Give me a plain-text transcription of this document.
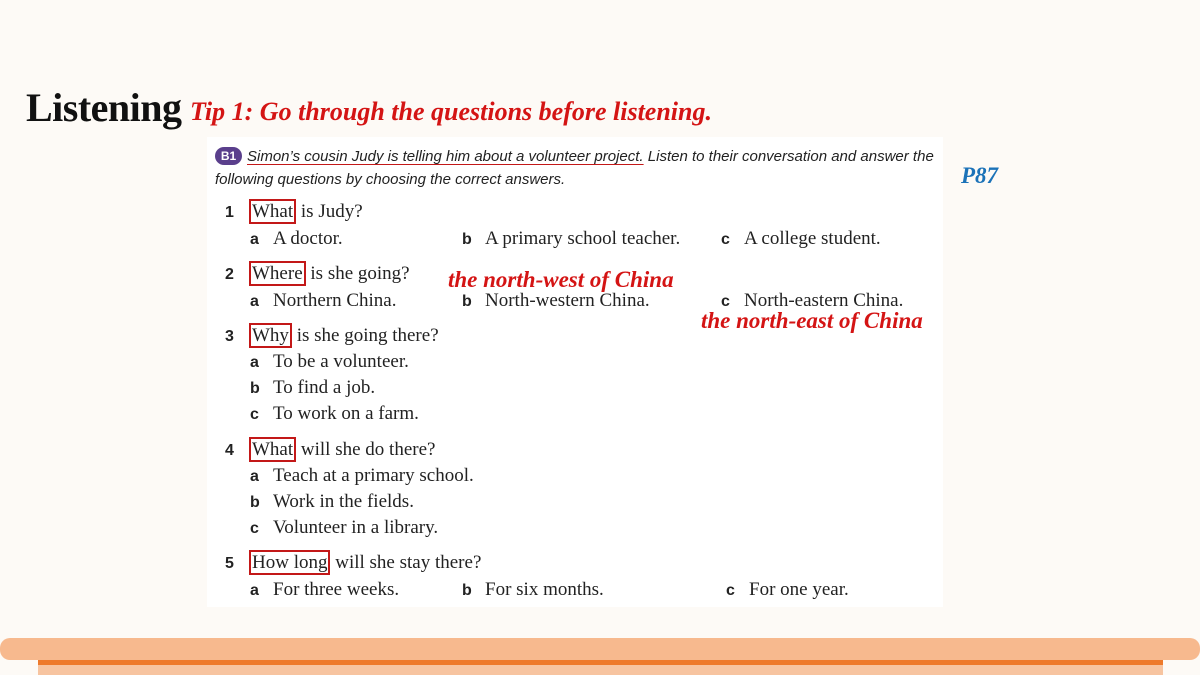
Listening Tip 1: Go through the questions before listening.
P87
B1 Simon’s cousin Judy is telling him about a volunteer project. Listen to their conversation and answer the following questions by choosing the correct answers.
1 What is Judy?
a A doctor.	b A primary school teacher.	c A college student.
2 Where is she going?
a Northern China.	b North-western China.	c North-eastern China.
3 Why is she going there?
a To be a volunteer.
b To find a job.
c To work on a farm.
4 What will she do there?
a Teach at a primary school.
b Work in the fields.
c Volunteer in a library.
5 How long will she stay there?
a For three weeks.	b For six months.	c For one year.
the north-west of China
the north-east of China
